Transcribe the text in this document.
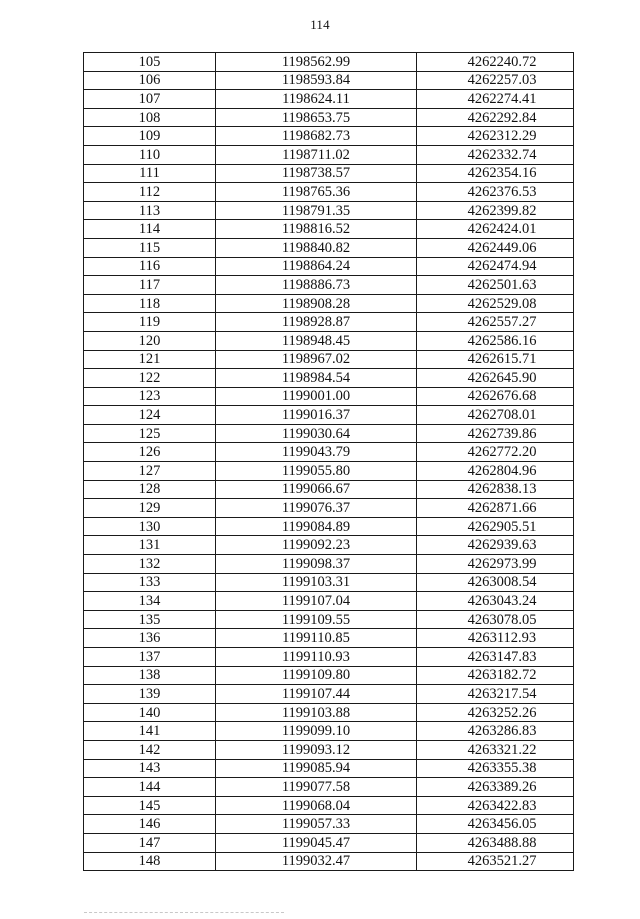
114
105	1198562.99	4262240.72
106	1198593.84	4262257.03
107	1198624.11	4262274.41
108	1198653.75	4262292.84
109	1198682.73	4262312.29
110	1198711.02	4262332.74
111	1198738.57	4262354.16
112	1198765.36	4262376.53
113	1198791.35	4262399.82
114	1198816.52	4262424.01
115	1198840.82	4262449.06
116	1198864.24	4262474.94
117	1198886.73	4262501.63
118	1198908.28	4262529.08
119	1198928.87	4262557.27
120	1198948.45	4262586.16
121	1198967.02	4262615.71
122	1198984.54	4262645.90
123	1199001.00	4262676.68
124	1199016.37	4262708.01
125	1199030.64	4262739.86
126	1199043.79	4262772.20
127	1199055.80	4262804.96
128	1199066.67	4262838.13
129	1199076.37	4262871.66
130	1199084.89	4262905.51
131	1199092.23	4262939.63
132	1199098.37	4262973.99
133	1199103.31	4263008.54
134	1199107.04	4263043.24
135	1199109.55	4263078.05
136	1199110.85	4263112.93
137	1199110.93	4263147.83
138	1199109.80	4263182.72
139	1199107.44	4263217.54
140	1199103.88	4263252.26
141	1199099.10	4263286.83
142	1199093.12	4263321.22
143	1199085.94	4263355.38
144	1199077.58	4263389.26
145	1199068.04	4263422.83
146	1199057.33	4263456.05
147	1199045.47	4263488.88
148	1199032.47	4263521.27
